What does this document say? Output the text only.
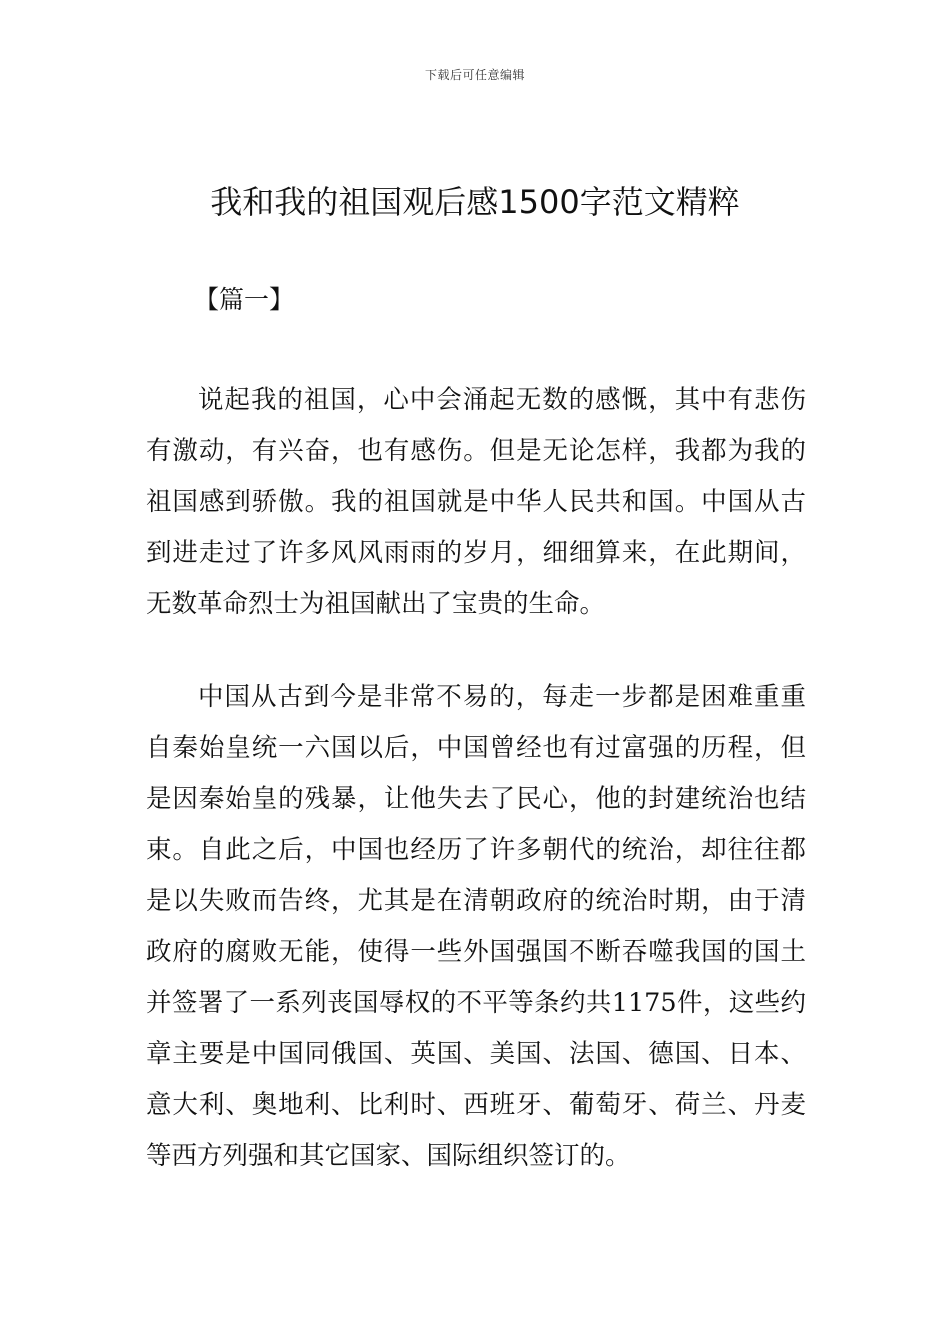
下载后可任意编辑
我和我的祖国观后感1500字范文精粹
【篇一】

说起我的祖国，心中会涌起无数的感慨，其中有悲伤有激动，有兴奋，也有感伤。但是无论怎样，我都为我的祖国感到骄傲。我的祖国就是中华人民共和国。中国从古到进走过了许多风风雨雨的岁月，细细算来，在此期间，无数革命烈士为祖国献出了宝贵的生命。

中国从古到今是非常不易的，每走一步都是困难重重自秦始皇统一六国以后，中国曾经也有过富强的历程，但是因秦始皇的残暴，让他失去了民心，他的封建统治也结束。自此之后，中国也经历了许多朝代的统治，却往往都是以失败而告终，尤其是在清朝政府的统治时期，由于清政府的腐败无能，使得一些外国强国不断吞噬我国的国土并签署了一系列丧国辱权的不平等条约共1175件，这些约章主要是中国同俄国、英国、美国、法国、德国、日本、意大利、奥地利、比利时、西班牙、葡萄牙、荷兰、丹麦等西方列强和其它国家、国际组织签订的。
